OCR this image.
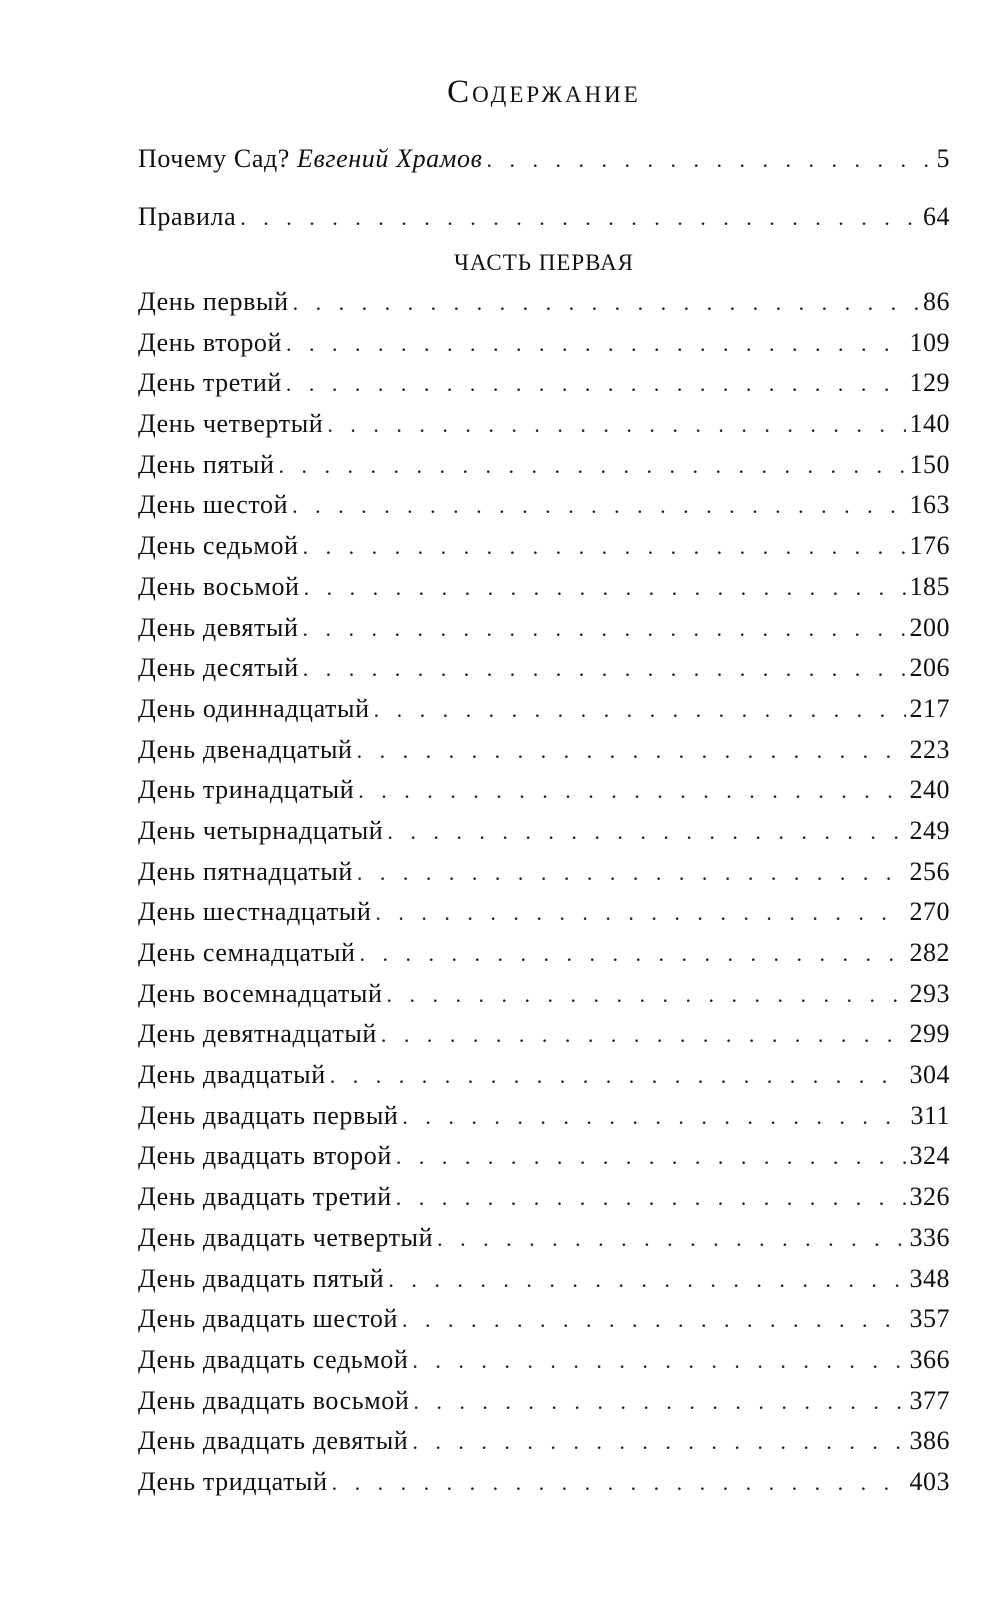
Содержание
Почему Сад? Евгений Храмов . . .	5
Правила . . .	64
ЧАСТЬ ПЕРВАЯ
День первый . . .	86
День второй . . .	109
День третий . . .	129
День четвертый . . .	140
День пятый . . .	150
День шестой . . .	163
День седьмой . . .	176
День восьмой . . .	185
День девятый . . .	200
День десятый . . .	206
День одиннадцатый . . .	217
День двенадцатый . . .	223
День тринадцатый . . .	240
День четырнадцатый . . .	249
День пятнадцатый . . .	256
День шестнадцатый . . .	270
День семнадцатый . . .	282
День восемнадцатый . . .	293
День девятнадцатый . . .	299
День двадцатый . . .	304
День двадцать первый . . .	311
День двадцать второй . . .	324
День двадцать третий . . .	326
День двадцать четвертый . . .	336
День двадцать пятый . . .	348
День двадцать шестой . . .	357
День двадцать седьмой . . .	366
День двадцать восьмой . . .	377
День двадцать девятый . . .	386
День тридцатый . . .	403
